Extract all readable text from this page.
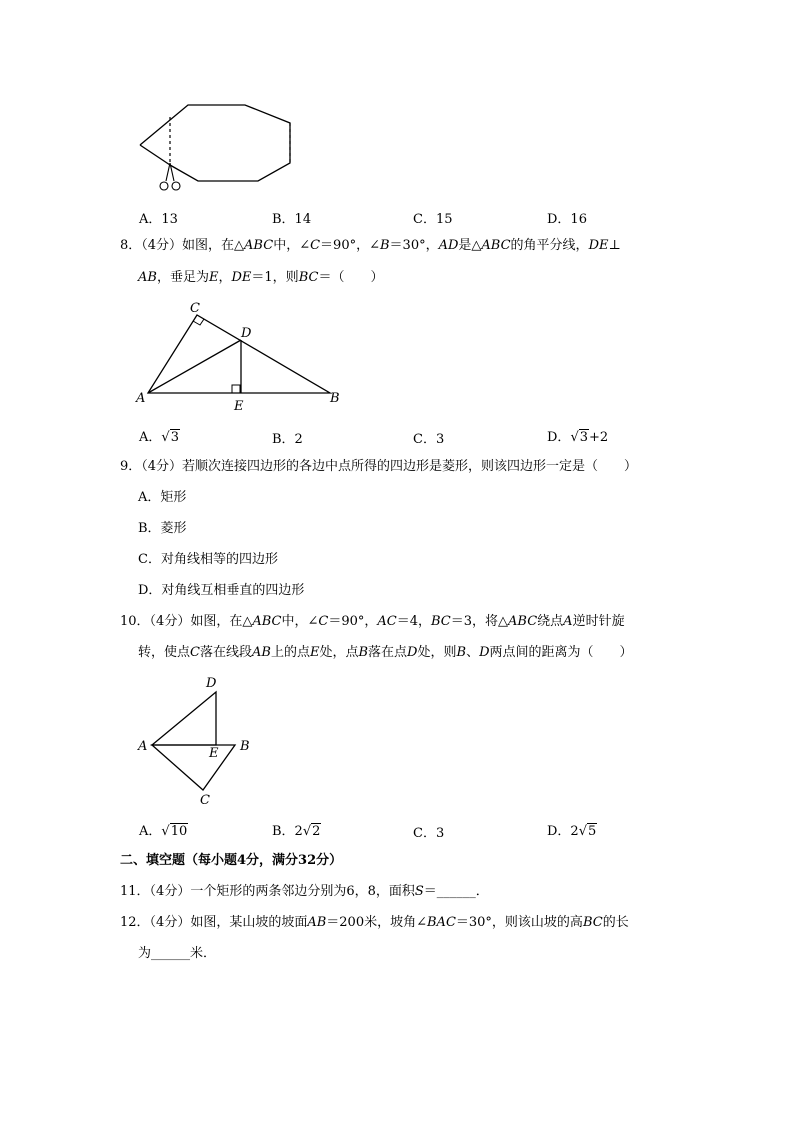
A．13	B．14	C．15	D．16
8．（4分）如图，在△ABC中，∠C＝90°，∠B＝30°，AD是△ABC的角平分线，DE⊥
AB，垂足为E，DE＝1，则BC＝（　　）
C
D
A
E
B
A．√3	B．2	C．3	D．√3+2
9．（4分）若顺次连接四边形的各边中点所得的四边形是菱形，则该四边形一定是（　　）
A．矩形
B．菱形
C．对角线相等的四边形
D．对角线互相垂直的四边形
10．（4分）如图，在△ABC中，∠C＝90°，AC＝4，BC＝3，将△ABC绕点A逆时针旋
转，使点C落在线段AB上的点E处，点B落在点D处，则B、D两点间的距离为（　　）
D
A	E B
C
A．√10	B．2√2	C．3	D．2√5
二、填空题（每小题4分，满分32分）
11．（4分）一个矩形的两条邻边分别为6，8，面积S＝______．
12．（4分）如图，某山坡的坡面AB＝200米，坡角∠BAC＝30°，则该山坡的高BC的长
为______米．
